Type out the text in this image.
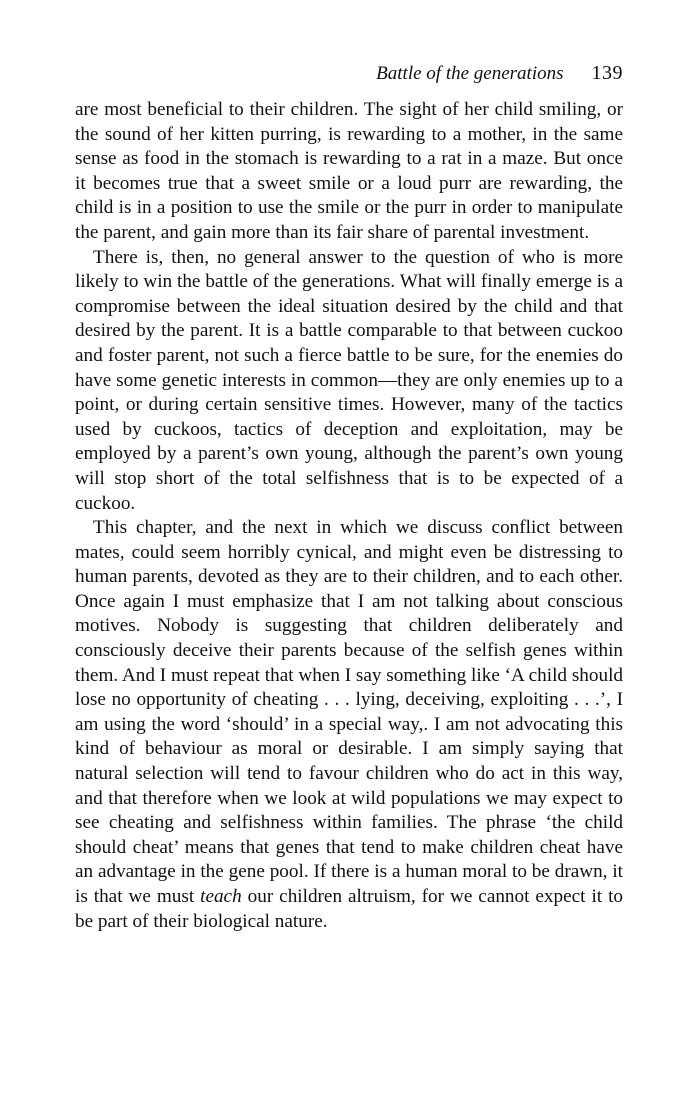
Battle of the generations 139

are most beneficial to their children. The sight of her child smiling, or the sound of her kitten purring, is rewarding to a mother, in the same sense as food in the stomach is rewarding to a rat in a maze. But once it becomes true that a sweet smile or a loud purr are rewarding, the child is in a position to use the smile or the purr in order to manipulate the parent, and gain more than its fair share of parental investment.

There is, then, no general answer to the question of who is more likely to win the battle of the generations. What will finally emerge is a compromise between the ideal situation desired by the child and that desired by the parent. It is a battle comparable to that between cuckoo and foster parent, not such a fierce battle to be sure, for the enemies do have some genetic interests in common—they are only enemies up to a point, or during certain sensitive times. However, many of the tactics used by cuckoos, tactics of deception and exploitation, may be employed by a parent’s own young, although the parent’s own young will stop short of the total selfishness that is to be expected of a cuckoo.

This chapter, and the next in which we discuss conflict between mates, could seem horribly cynical, and might even be distressing to human parents, devoted as they are to their children, and to each other. Once again I must emphasize that I am not talking about conscious motives. Nobody is suggesting that children deliberately and consciously deceive their parents because of the selfish genes within them. And I must repeat that when I say something like ‘A child should lose no opportunity of cheating . . . lying, deceiving, exploiting . . .’, I am using the word ‘should’ in a special way,. I am not advocating this kind of behaviour as moral or desirable. I am simply saying that natural selection will tend to favour children who do act in this way, and that therefore when we look at wild populations we may expect to see cheating and selfishness within families. The phrase ‘the child should cheat’ means that genes that tend to make children cheat have an advantage in the gene pool. If there is a human moral to be drawn, it is that we must teach our children altruism, for we cannot expect it to be part of their biological nature.
